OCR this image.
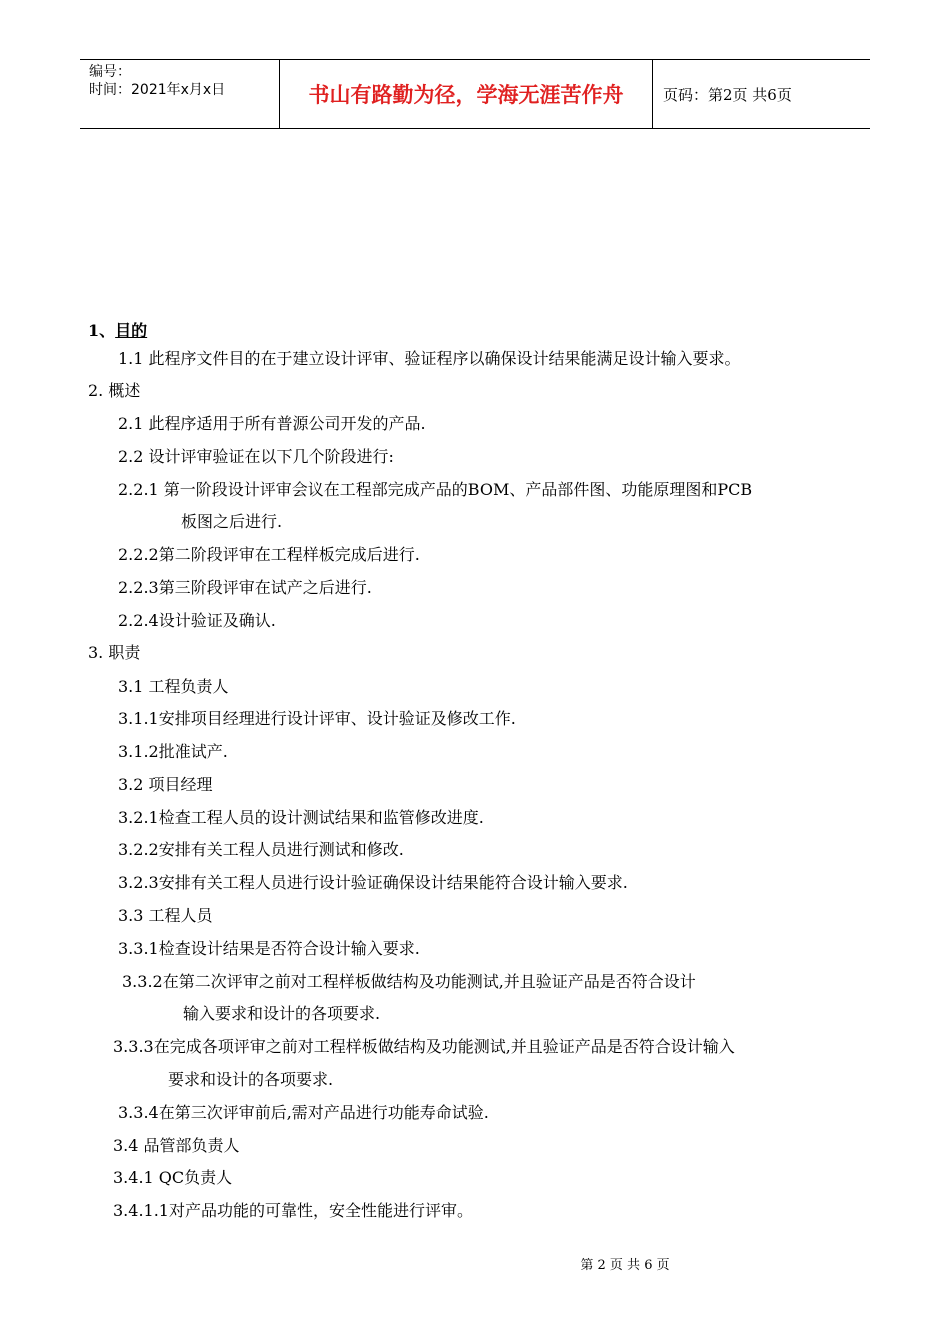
编号：
时间：2021年x月x日	书山有路勤为径，学海无涯苦作舟	页码：第2页 共6页
1、目的
1.1 此程序文件目的在于建立设计评审、验证程序以确保设计结果能满足设计输入要求。
2. 概述
2.1 此程序适用于所有普源公司开发的产品.
2.2 设计评审验证在以下几个阶段进行:
2.2.1 第一阶段设计评审会议在工程部完成产品的BOM、产品部件图、功能原理图和PCB
板图之后进行.
2.2.2第二阶段评审在工程样板完成后进行.
2.2.3第三阶段评审在试产之后进行.
2.2.4设计验证及确认.
3. 职责
3.1 工程负责人
3.1.1安排项目经理进行设计评审、设计验证及修改工作.
3.1.2批准试产.
3.2 项目经理
3.2.1检查工程人员的设计测试结果和监管修改进度.
3.2.2安排有关工程人员进行测试和修改.
3.2.3安排有关工程人员进行设计验证确保设计结果能符合设计输入要求.
3.3 工程人员
3.3.1检查设计结果是否符合设计输入要求.
3.3.2在第二次评审之前对工程样板做结构及功能测试,并且验证产品是否符合设计
输入要求和设计的各项要求.
3.3.3在完成各项评审之前对工程样板做结构及功能测试,并且验证产品是否符合设计输入
要求和设计的各项要求.
3.3.4在第三次评审前后,需对产品进行功能寿命试验.
3.4 品管部负责人
3.4.1 QC负责人
3.4.1.1对产品功能的可靠性，安全性能进行评审。
第 2 页 共 6 页
